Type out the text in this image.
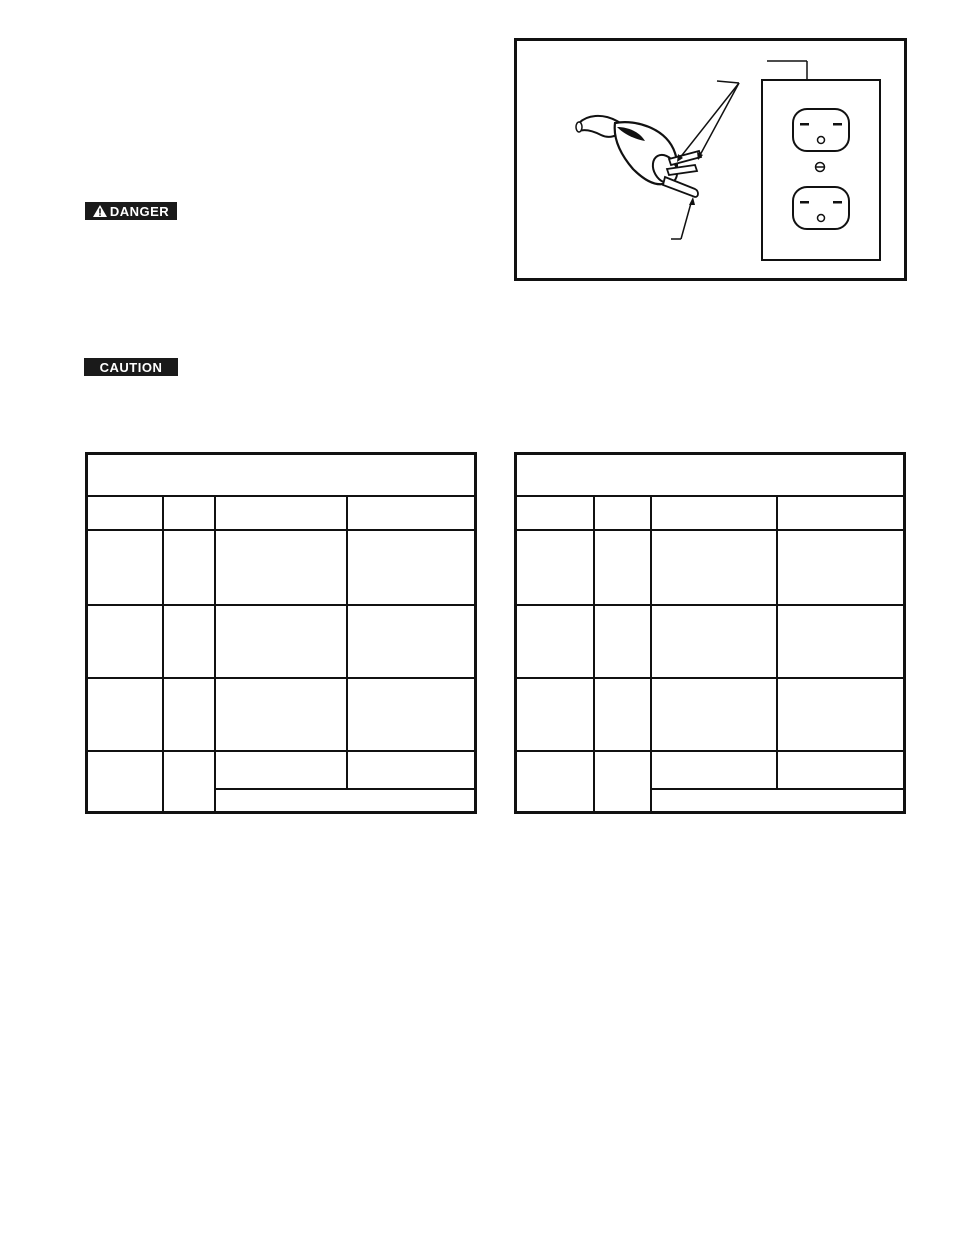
DANGER
CAUTION
